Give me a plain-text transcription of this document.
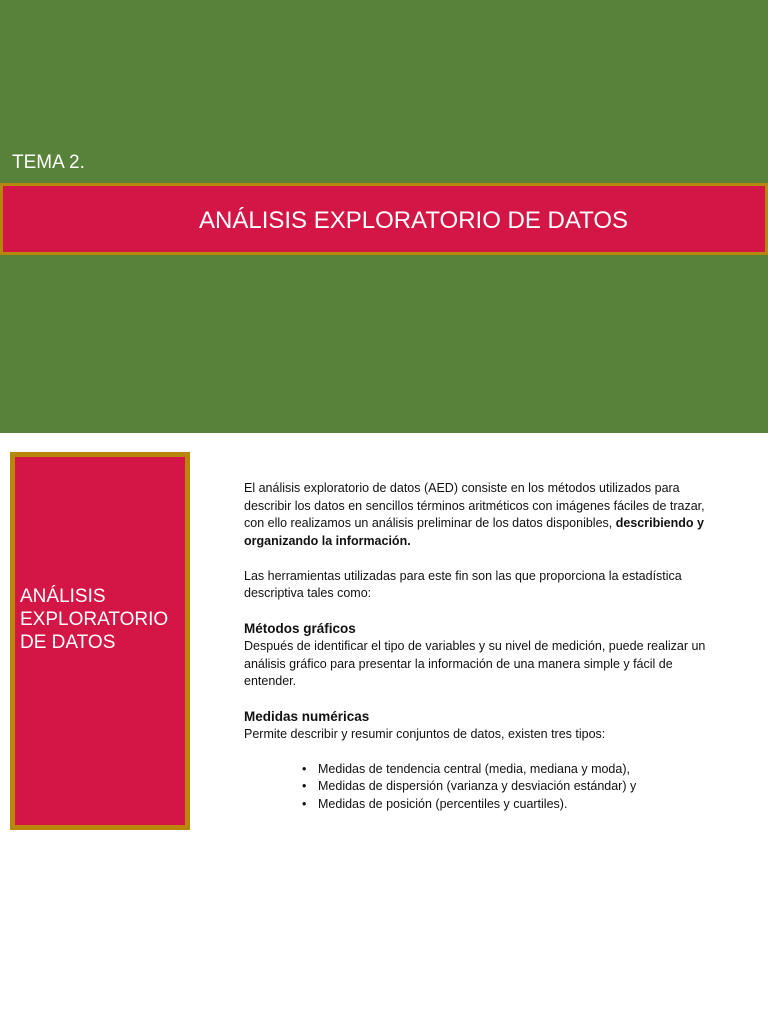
TEMA 2.
ANÁLISIS EXPLORATORIO DE DATOS
ANÁLISIS EXPLORATORIO DE DATOS

El análisis exploratorio de datos (AED) consiste en los métodos utilizados para describir los datos en sencillos términos aritméticos con imágenes fáciles de trazar, con ello realizamos un análisis preliminar de los datos disponibles, describiendo y organizando la información.

Las herramientas utilizadas para este fin son las que proporciona la estadística descriptiva tales como:

Métodos gráficos

Después de identificar el tipo de variables y su nivel de medición, puede realizar un análisis gráfico para presentar la información de una manera simple y fácil de entender.

Medidas numéricas

Permite describir y resumir conjuntos de datos, existen tres tipos:

• Medidas de tendencia central (media, mediana y moda),
• Medidas de dispersión (varianza y desviación estándar) y
• Medidas de posición (percentiles y cuartiles).
